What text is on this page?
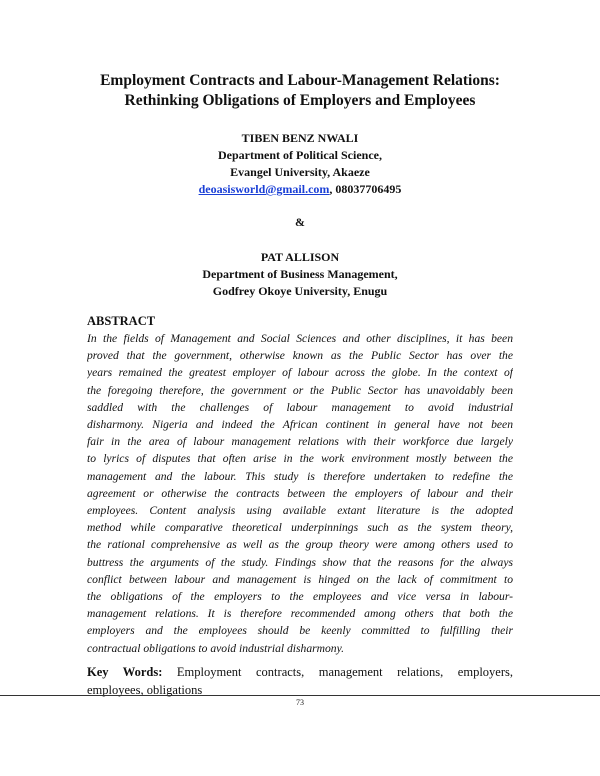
Employment Contracts and Labour-Management Relations:
Rethinking Obligations of Employers and Employees
TIBEN BENZ NWALI
Department of Political Science,
Evangel University, Akaeze
deoasisworld@gmail.com, 08037706495
&
PAT ALLISON
Department of Business Management,
Godfrey Okoye University, Enugu
ABSTRACT
In the fields of Management and Social Sciences and other disciplines, it has been
proved that the government, otherwise known as the Public Sector has over the
years remained the greatest employer of labour across the globe. In the context of
the foregoing therefore, the government or the Public Sector has unavoidably been
saddled with the challenges of labour management to avoid industrial
disharmony. Nigeria and indeed the African continent in general have not been
fair in the area of labour management relations with their workforce due largely
to lyrics of disputes that often arise in the work environment mostly between the
management and the labour. This study is therefore undertaken to redefine the
agreement or otherwise the contracts between the employers of labour and their
employees. Content analysis using available extant literature is the adopted
method while comparative theoretical underpinnings such as the system theory,
the rational comprehensive as well as the group theory were among others used to
buttress the arguments of the study. Findings show that the reasons for the always
conflict between labour and management is hinged on the lack of commitment to
the obligations of the employers to the employees and vice versa in labour-
management relations. It is therefore recommended among others that both the
employers and the employees should be keenly committed to fulfilling their
contractual obligations to avoid industrial disharmony.
Key Words: Employment contracts, management relations, employers,
employees, obligations
73
